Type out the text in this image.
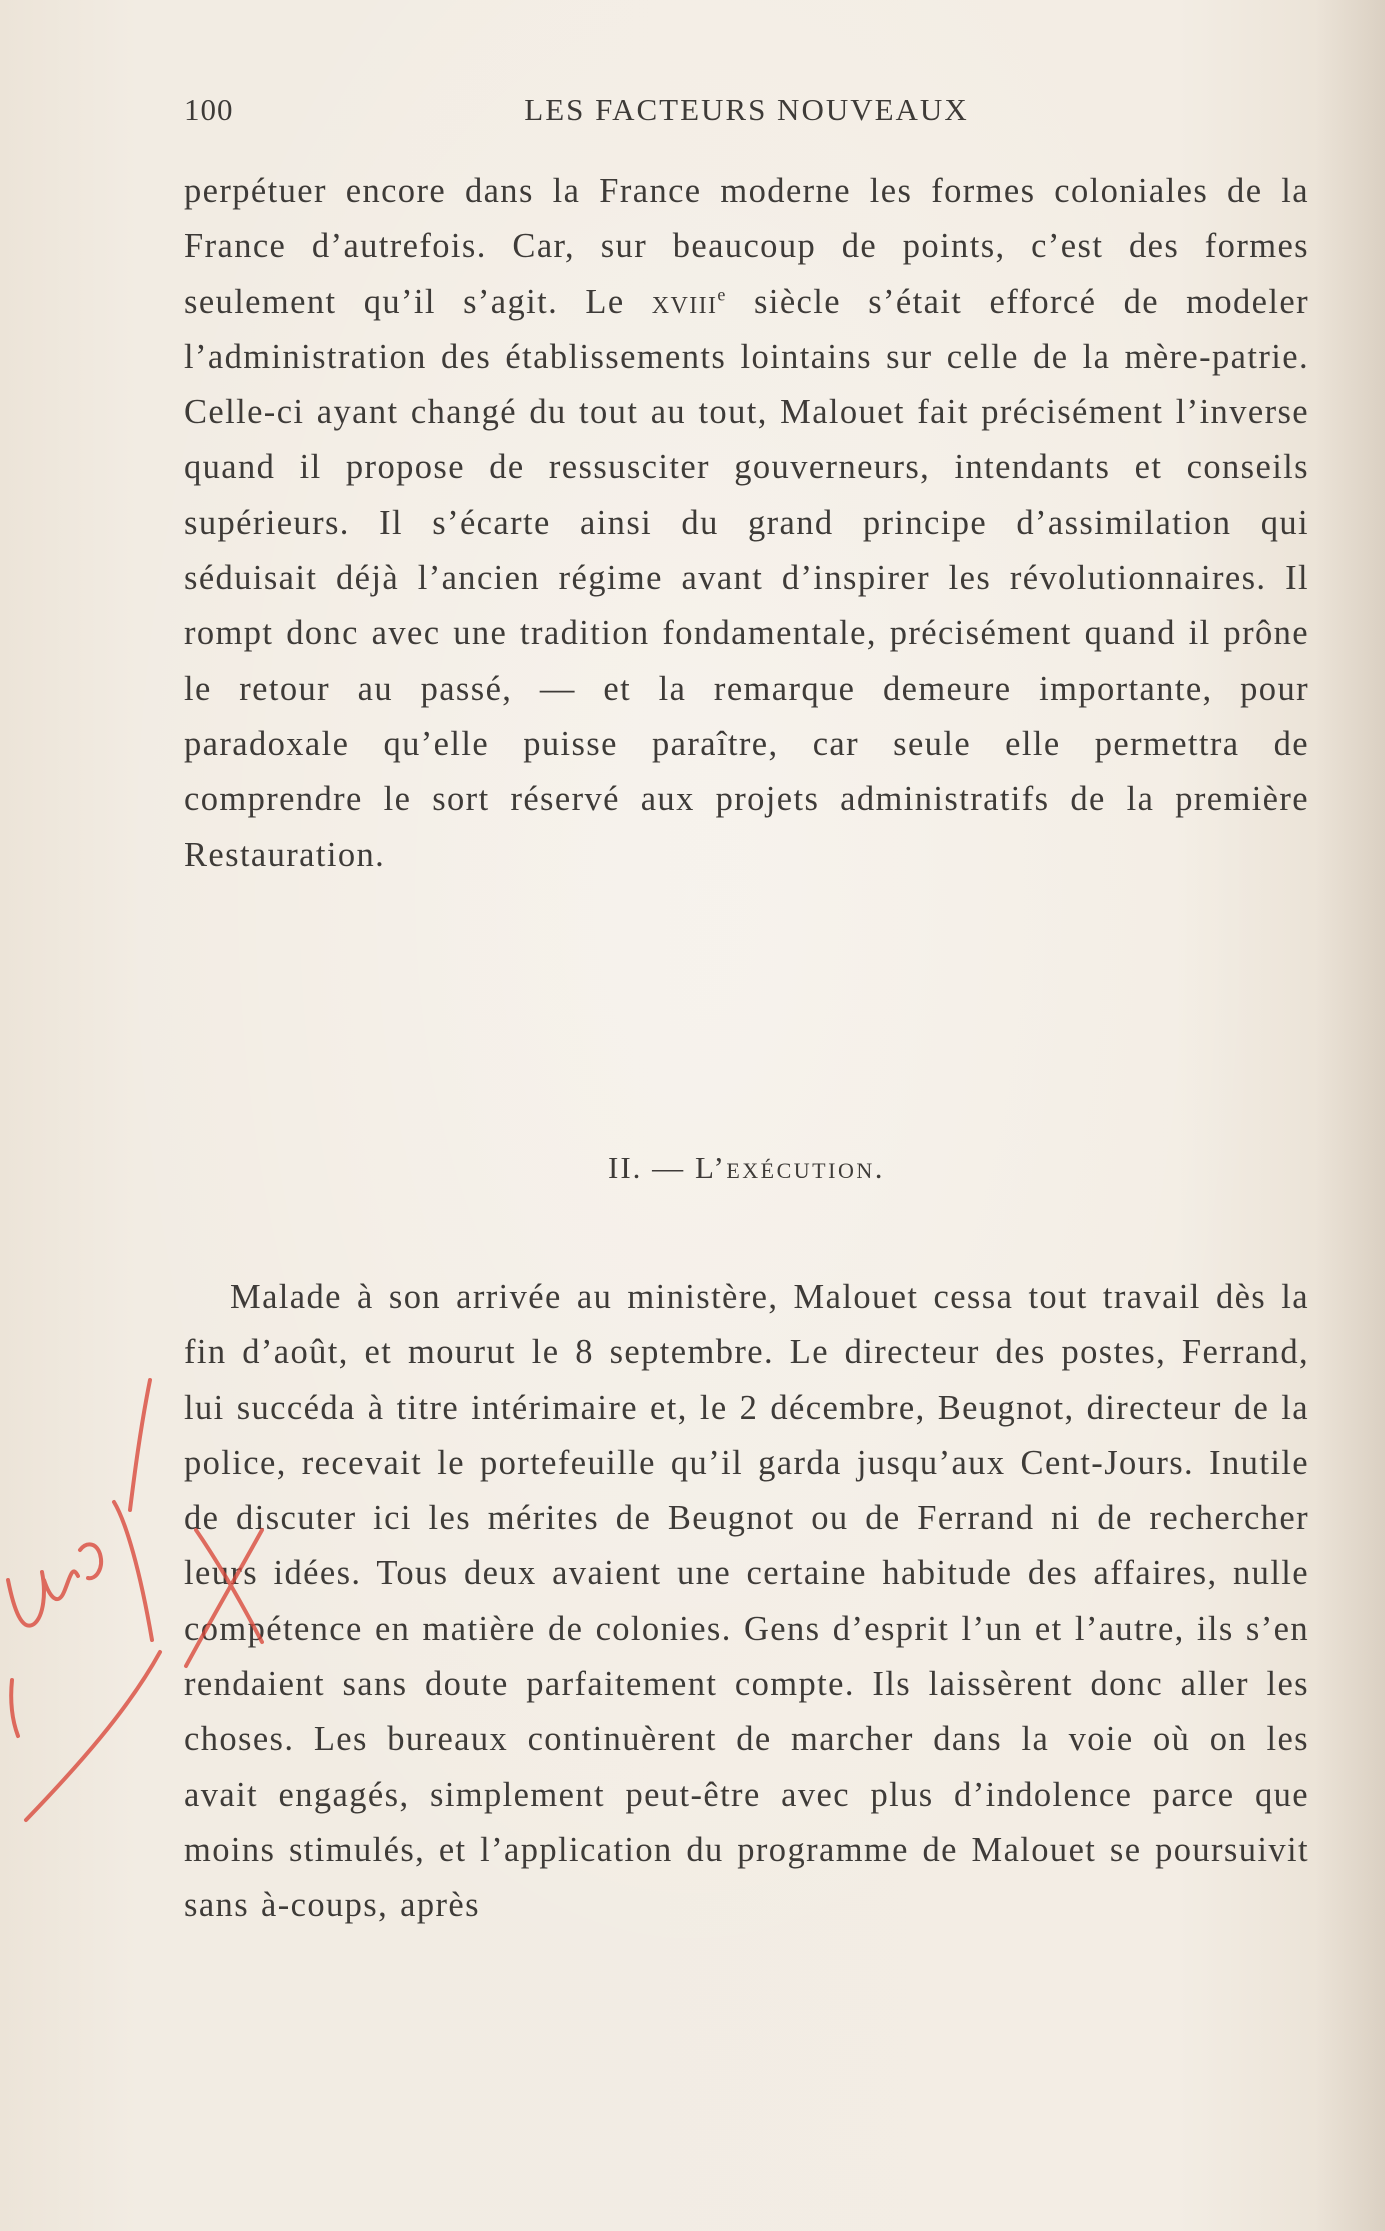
100	LES FACTEURS NOUVEAUX

perpétuer encore dans la France moderne les formes coloniales de la France d’autrefois. Car, sur beaucoup de points, c’est des formes seulement qu’il s’agit. Le xviii$^e$ siècle s’était efforcé de modeler l’administration des établissements lointains sur celle de la mère-patrie. Celle-ci ayant changé du tout au tout, Malouet fait précisément l’inverse quand il propose de ressusciter gouverneurs, intendants et conseils supérieurs. Il s’écarte ainsi du grand principe d’assimilation qui séduisait déjà l’ancien régime avant d’inspirer les révolutionnaires. Il rompt donc avec une tradition fondamentale, précisément quand il prône le retour au passé, — et la remarque demeure importante, pour paradoxale qu’elle puisse paraître, car seule elle permettra de comprendre le sort réservé aux projets administratifs de la première Restauration.

II. — L’exécution.

Malade à son arrivée au ministère, Malouet cessa tout travail dès la fin d’août, et mourut le 8 septembre. Le directeur des postes, Ferrand, lui succéda à titre intérimaire et, le 2 décembre, Beugnot, directeur de la police, recevait le portefeuille qu’il garda jusqu’aux Cent-Jours. Inutile de discuter ici les mérites de Beugnot ou de Ferrand ni de rechercher leurs idées. Tous deux avaient une certaine habitude des affaires, nulle compétence en matière de colonies. Gens d’esprit l’un et l’autre, ils s’en rendaient sans doute parfaitement compte. Ils laissèrent donc aller les choses. Les bureaux continuèrent de marcher dans la voie où on les avait engagés, simplement peut-être avec plus d’indolence parce que moins stimulés, et l’application du programme de Malouet se poursuivit sans à-coups, après
